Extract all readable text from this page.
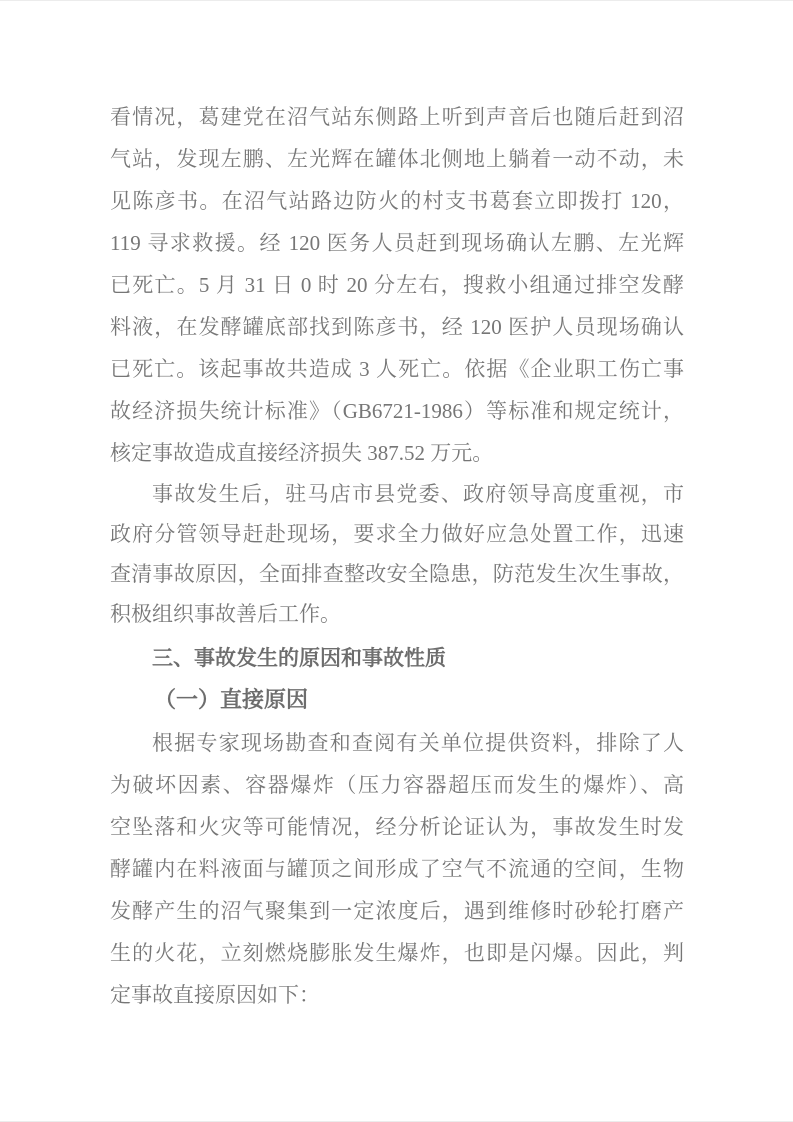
看情况，葛建党在沼气站东侧路上听到声音后也随后赶到沼
气站，发现左鹏、左光辉在罐体北侧地上躺着一动不动，未
见陈彦书。在沼气站路边防火的村支书葛套立即拨打 120，
119 寻求救援。经 120 医务人员赶到现场确认左鹏、左光辉
已死亡。5 月 31 日 0 时 20 分左右，搜救小组通过排空发酵
料液，在发酵罐底部找到陈彦书，经 120 医护人员现场确认
已死亡。该起事故共造成 3 人死亡。依据《企业职工伤亡事
故经济损失统计标准》（GB6721-1986）等标准和规定统计，
核定事故造成直接经济损失 387.52 万元。
事故发生后，驻马店市县党委、政府领导高度重视，市
政府分管领导赶赴现场，要求全力做好应急处置工作，迅速
查清事故原因，全面排查整改安全隐患，防范发生次生事故，
积极组织事故善后工作。
三、事故发生的原因和事故性质
（一）直接原因
根据专家现场勘查和查阅有关单位提供资料，排除了人
为破坏因素、容器爆炸（压力容器超压而发生的爆炸）、高
空坠落和火灾等可能情况，经分析论证认为，事故发生时发
酵罐内在料液面与罐顶之间形成了空气不流通的空间，生物
发酵产生的沼气聚集到一定浓度后，遇到维修时砂轮打磨产
生的火花，立刻燃烧膨胀发生爆炸，也即是闪爆。因此，判
定事故直接原因如下：
